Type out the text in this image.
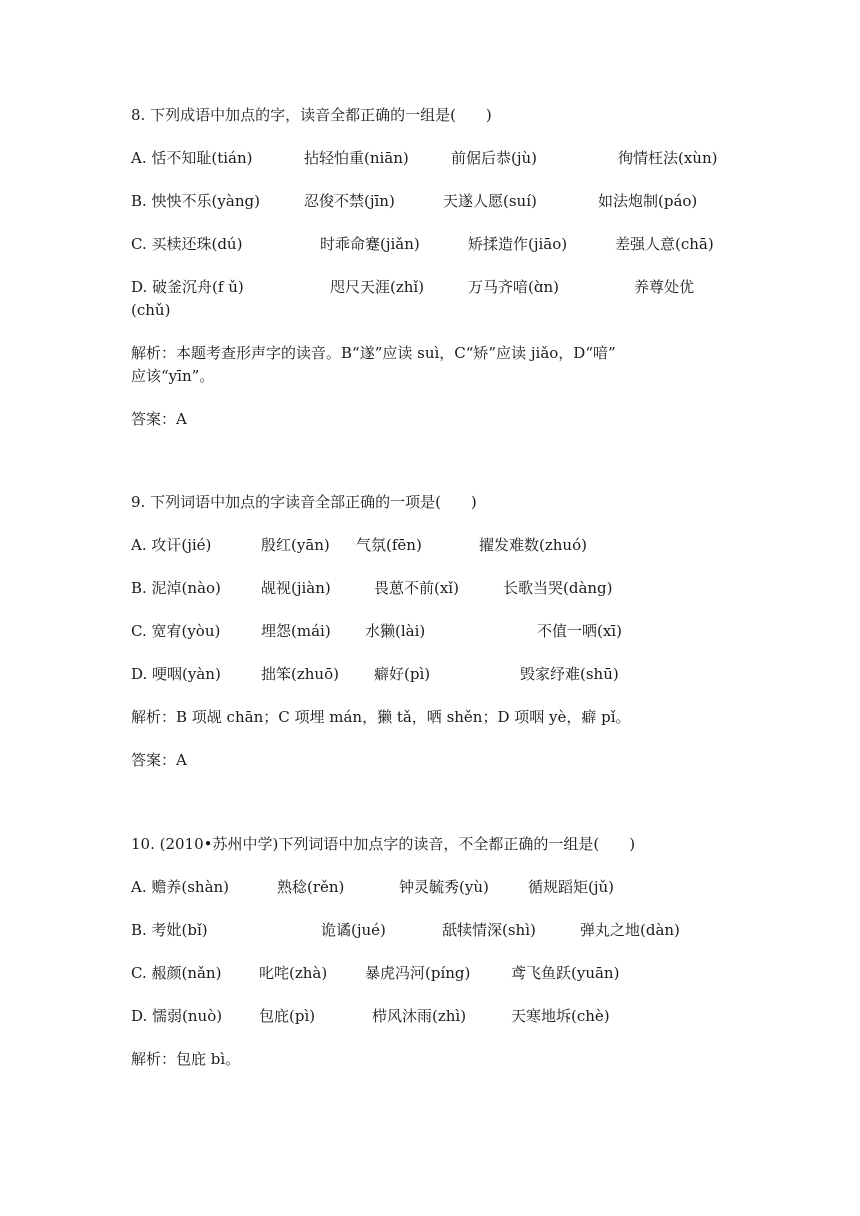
8. 下列成语中加点的字，读音全都正确的一组是(　　)
A. 恬不知耻(tián)	拈轻怕重(niān)	前倨后恭(jù)	徇情枉法(xùn)
B. 怏怏不乐(yàng)	忍俊不禁(jīn)	天遂人愿(suí)	如法炮制(páo)
C. 买椟还珠(dú)	时乖命蹇(jiǎn)	矫揉造作(jiāo)	差强人意(chā)
D. 破釜沉舟(f ǔ)	咫尺天涯(zhǐ)	万马齐喑(ɑ̀n)	养尊处优
(chǔ)
解析：本题考查形声字的读音。B“遂”应读 suì，C“矫”应读 jiǎo，D“喑”
应该“yīn”。
答案：A
9. 下列词语中加点的字读音全部正确的一项是(　　)
A. 攻讦(jié)	殷红(yān) 气氛(fēn)	擢发难数(zhuó)
B. 泥淖(nào)	觇视(jiàn)	畏葸不前(xǐ)	长歌当哭(dàng)
C. 宽宥(yòu)	埋怨(mái) 水獭(lài)	不值一哂(xī)
D. 哽咽(yàn)	拙笨(zhuō) 癖好(pì)	毁家纾难(shū)
解析：B 项觇 chān；C 项埋 mán，獭 tǎ，哂 shěn；D 项咽 yè，癖 pǐ。
答案：A
10. (2010•苏州中学)下列词语中加点字的读音，不全都正确的一组是(　　)
A. 赡养(shàn)	熟稔(rěn)	钟灵毓秀(yù)	循规蹈矩(jǔ)
B. 考妣(bǐ)	诡谲(jué)	舐犊情深(shì)	弹丸之地(dàn)
C. 赧颜(nǎn)	叱咤(zhà)	暴虎冯河(píng)	鸢飞鱼跃(yuān)
D. 懦弱(nuò) 包庇(pì)	栉风沐雨(zhì)	天寒地坼(chè)
解析：包庇 bì。
